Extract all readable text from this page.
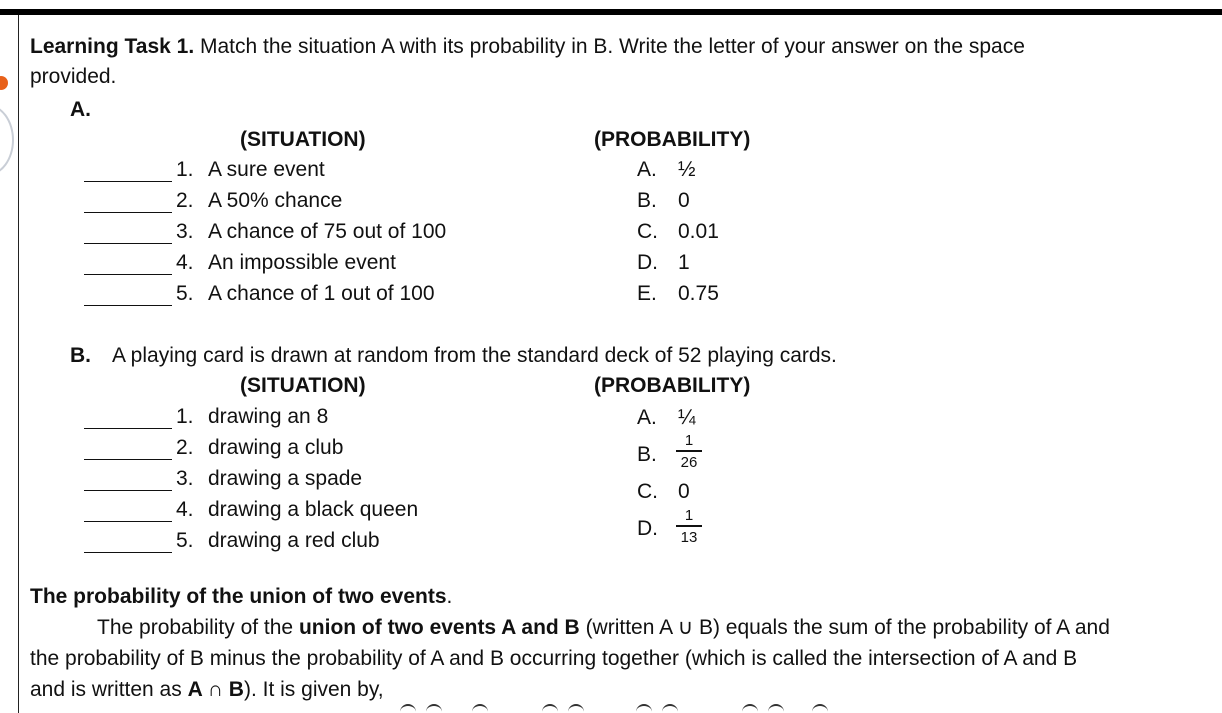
Learning Task 1. Match the situation A with its probability in B. Write the letter of your answer on the space

provided.

A.

(SITUATION)	(PROBABILITY)

1. A sure event

2. A 50% chance

3. A chance of 75 out of 100

4. An impossible event

5. A chance of 1 out of 100

A. ½

B. 0

C. 0.01

D. 1

E. 0.75

B. A playing card is drawn at random from the standard deck of 52 playing cards.

(SITUATION)	(PROBABILITY)

1. drawing an 8

2. drawing a club

3. drawing a spade

4. drawing a black queen

5. drawing a red club

A. ¼

B.

1
26

C. 0

D.

1
13

The probability of the union of two events.

The probability of the union of two events A and B (written A ∪ B) equals the sum of the probability of A and

the probability of B minus the probability of A and B occurring together (which is called the intersection of A and B

and is written as A ∩ B). It is given by,
